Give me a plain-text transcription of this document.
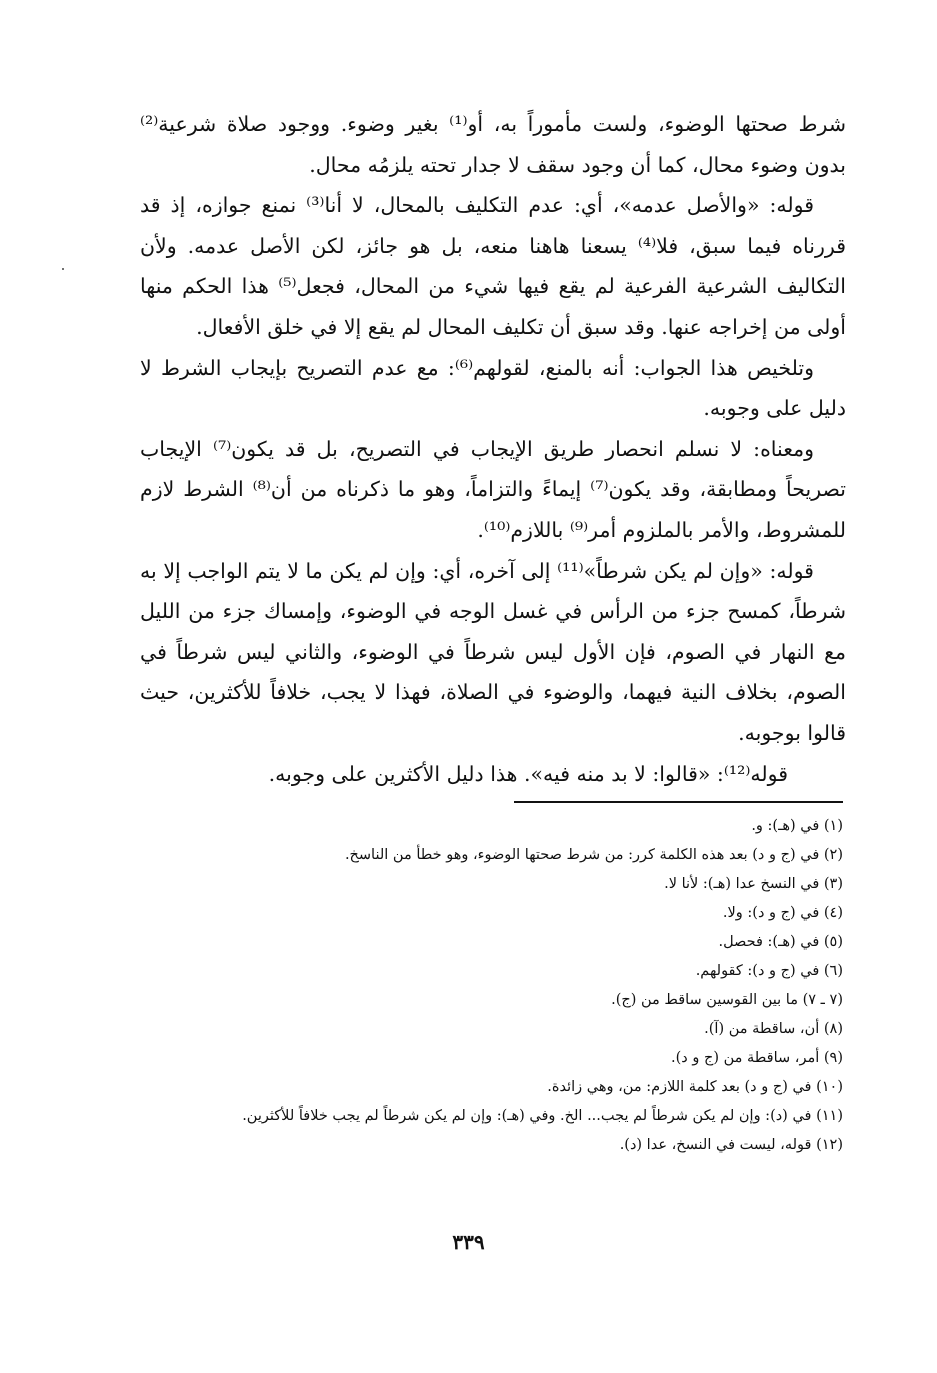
شرط صحتها الوضوء، ولست مأموراً به، أو⁽¹⁾ بغير وضوء. ووجود صلاة شرعية⁽²⁾ بدون وضوء محال، كما أن وجود سقف لا جدار تحته يلزمُه محال.

قوله: «والأصل عدمه»، أي: عدم التكليف بالمحال، لا أنا⁽³⁾ نمنع جوازه، إذ قد قررناه فيما سبق، فلا⁽⁴⁾ يسعنا هاهنا منعه، بل هو جائز، لكن الأصل عدمه. ولأن التكاليف الشرعية الفرعية لم يقع فيها شيء من المحال، فجعل⁽⁵⁾ هذا الحكم منها أولى من إخراجه عنها. وقد سبق أن تكليف المحال لم يقع إلا في خلق الأفعال.

وتلخيص هذا الجواب: أنه بالمنع، لقولهم⁽⁶⁾: مع عدم التصريح بإيجاب الشرط لا دليل على وجوبه.

ومعناه: لا نسلم انحصار طريق الإيجاب في التصريح، بل قد يكون⁽⁷⁾ الإيجاب تصريحاً ومطابقة، وقد يكون⁽⁷⁾ إيماءً والتزاماً، وهو ما ذكرناه من أن⁽⁸⁾ الشرط لازم للمشروط، والأمر بالملزوم أمر⁽⁹⁾ باللازم⁽¹⁰⁾.

قوله: «وإن لم يكن شرطاً»⁽¹¹⁾ إلى آخره، أي: وإن لم يكن ما لا يتم الواجب إلا به شرطاً، كمسح جزء من الرأس في غسل الوجه في الوضوء، وإمساك جزء من الليل مع النهار في الصوم، فإن الأول ليس شرطاً في الوضوء، والثاني ليس شرطاً في الصوم، بخلاف النية فيهما، والوضوء في الصلاة، فهذا لا يجب، خلافاً للأكثرين، حيث قالوا بوجوبه.

قوله⁽¹²⁾: «قالوا: لا بد منه فيه». هذا دليل الأكثرين على وجوبه.

(١) في (هـ): و.

(٢) في (ج و د) بعد هذه الكلمة كرر: من شرط صحتها الوضوء، وهو خطأ من الناسخ.

(٣) في النسخ عدا (هـ): لأنا لا.

(٤) في (ج و د): ولا.

(٥) في (هـ): فحصل.

(٦) في (ج و د): كقولهم.

(٧ ـ ٧) ما بين القوسين ساقط من (ج).

(٨) أن، ساقطة من (آ).

(٩) أمر، ساقطة من (ج و د).

(١٠) في (ج و د) بعد كلمة اللازم: من، وهي زائدة.

(١١) في (د): وإن لم يكن شرطاً لم يجب... الخ. وفي (هـ): وإن لم يكن شرطاً لم يجب خلافاً للأكثرين.

(١٢) قوله، ليست في النسخ، عدا (د).

٣٣٩
